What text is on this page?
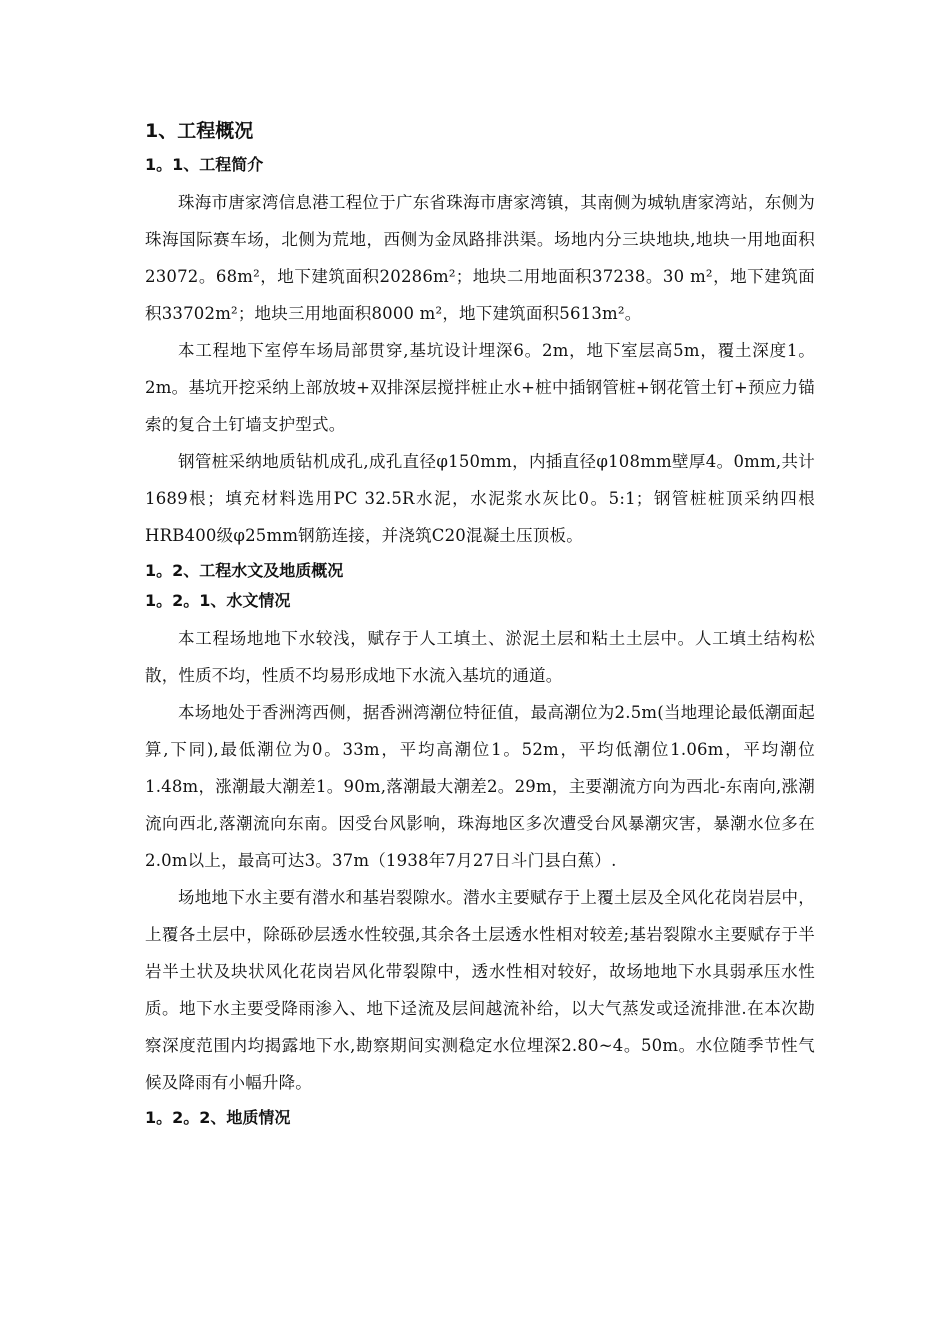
1、工程概况
1。1、工程简介

珠海市唐家湾信息港工程位于广东省珠海市唐家湾镇，其南侧为城轨唐家湾站，东侧为珠海国际赛车场，北侧为荒地，西侧为金凤路排洪渠。场地内分三块地块,地块一用地面积23072。68m²，地下建筑面积20286m²；地块二用地面积37238。30 m²，地下建筑面积33702m²；地块三用地面积8000 m²，地下建筑面积5613m²。

本工程地下室停车场局部贯穿,基坑设计埋深6。2m，地下室层高5m，覆土深度1。2m。基坑开挖采纳上部放坡+双排深层搅拌桩止水+桩中插钢管桩+钢花管土钉+预应力锚索的复合土钉墙支护型式。

钢管桩采纳地质钻机成孔,成孔直径φ150mm，内插直径φ108mm壁厚4。0mm,共计1689根；填充材料选用PC 32.5R水泥，水泥浆水灰比0。5:1；钢管桩桩顶采纳四根HRB400级φ25mm钢筋连接，并浇筑C20混凝土压顶板。

1。2、工程水文及地质概况
1。2。1、水文情况

本工程场地地下水较浅，赋存于人工填土、淤泥土层和粘土土层中。人工填土结构松散，性质不均，性质不均易形成地下水流入基坑的通道。

本场地处于香洲湾西侧，据香洲湾潮位特征值，最高潮位为2.5m(当地理论最低潮面起算,下同),最低潮位为0。33m，平均高潮位1。52m，平均低潮位1.06m，平均潮位1.48m，涨潮最大潮差1。90m,落潮最大潮差2。29m，主要潮流方向为西北-东南向,涨潮流向西北,落潮流向东南。因受台风影响，珠海地区多次遭受台风暴潮灾害，暴潮水位多在2.0m以上，最高可达3。37m（1938年7月27日斗门县白蕉）.

场地地下水主要有潜水和基岩裂隙水。潜水主要赋存于上覆土层及全风化花岗岩层中，上覆各土层中，除砾砂层透水性较强,其余各土层透水性相对较差;基岩裂隙水主要赋存于半岩半土状及块状风化花岗岩风化带裂隙中，透水性相对较好，故场地地下水具弱承压水性质。地下水主要受降雨渗入、地下迳流及层间越流补给，以大气蒸发或迳流排泄.在本次勘察深度范围内均揭露地下水,勘察期间实测稳定水位埋深2.80~4。50m。水位随季节性气候及降雨有小幅升降。

1。2。2、地质情况
